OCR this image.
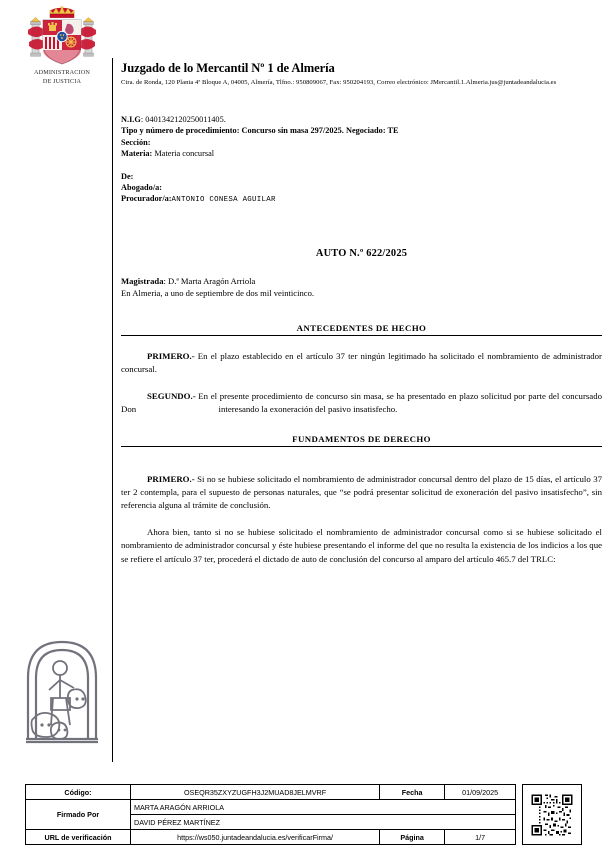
ADMINISTRACION
DE JUSTICIA
Juzgado de lo Mercantil Nº 1 de Almería
Ctra. de Ronda, 120 Planta 4ª Bloque A, 04005, Almería, Tlfno.: 950809067, Fax: 950204193, Correo electrónico: JMercantil.1.Almeria.jus@juntadeandalucia.es
N.I.G: 0401342120250011405.
Tipo y número de procedimiento: Concurso sin masa 297/2025. Negociado: TE
Sección:
Materia: Materia concursal
De:
Abogado/a:
Procurador/a:ANTONIO CONESA AGUILAR
AUTO N.º 622/2025
Magistrada: D.ª Marta Aragón Arriola
En Almeria, a uno de septiembre de dos mil veinticinco.
ANTECEDENTES DE HECHO

PRIMERO.- En el plazo establecido en el artículo 37 ter ningún legitimado ha solicitado el nombramiento de administrador concursal.

SEGUNDO.- En el presente procedimiento de concurso sin masa, se ha presentado en plazo solicitud por parte del concursado Don	interesando la exoneración del pasivo insatisfecho.

FUNDAMENTOS DE DERECHO

PRIMERO.- Si no se hubiese solicitado el nombramiento de administrador concursal dentro del plazo de 15 días, el artículo 37 ter 2 contempla, para el supuesto de personas naturales, que “se podrá presentar solicitud de exoneración del pasivo insatisfecho”, sin referencia alguna al trámite de conclusión.

Ahora bien, tanto si no se hubiese solicitado el nombramiento de administrador concursal como si se hubiese solicitado el nombramiento de administrador concursal y éste hubiese presentando el informe del que no resulta la existencia de los indicios a los que se refiere el artículo 37 ter, procederá el dictado de auto de conclusión del concurso al amparo del artículo 465.7 del TRLC:

Código:	OSEQR35ZXYZUGFH3J2MUAD8JELMVRF	Fecha	01/09/2025
Firmado Por	MARTA ARAGÓN ARRIOLA		
	DAVID PÉREZ MARTÍNEZ		
URL de verificación	https://ws050.juntadeandalucia.es/verificarFirma/	Página	1/7
